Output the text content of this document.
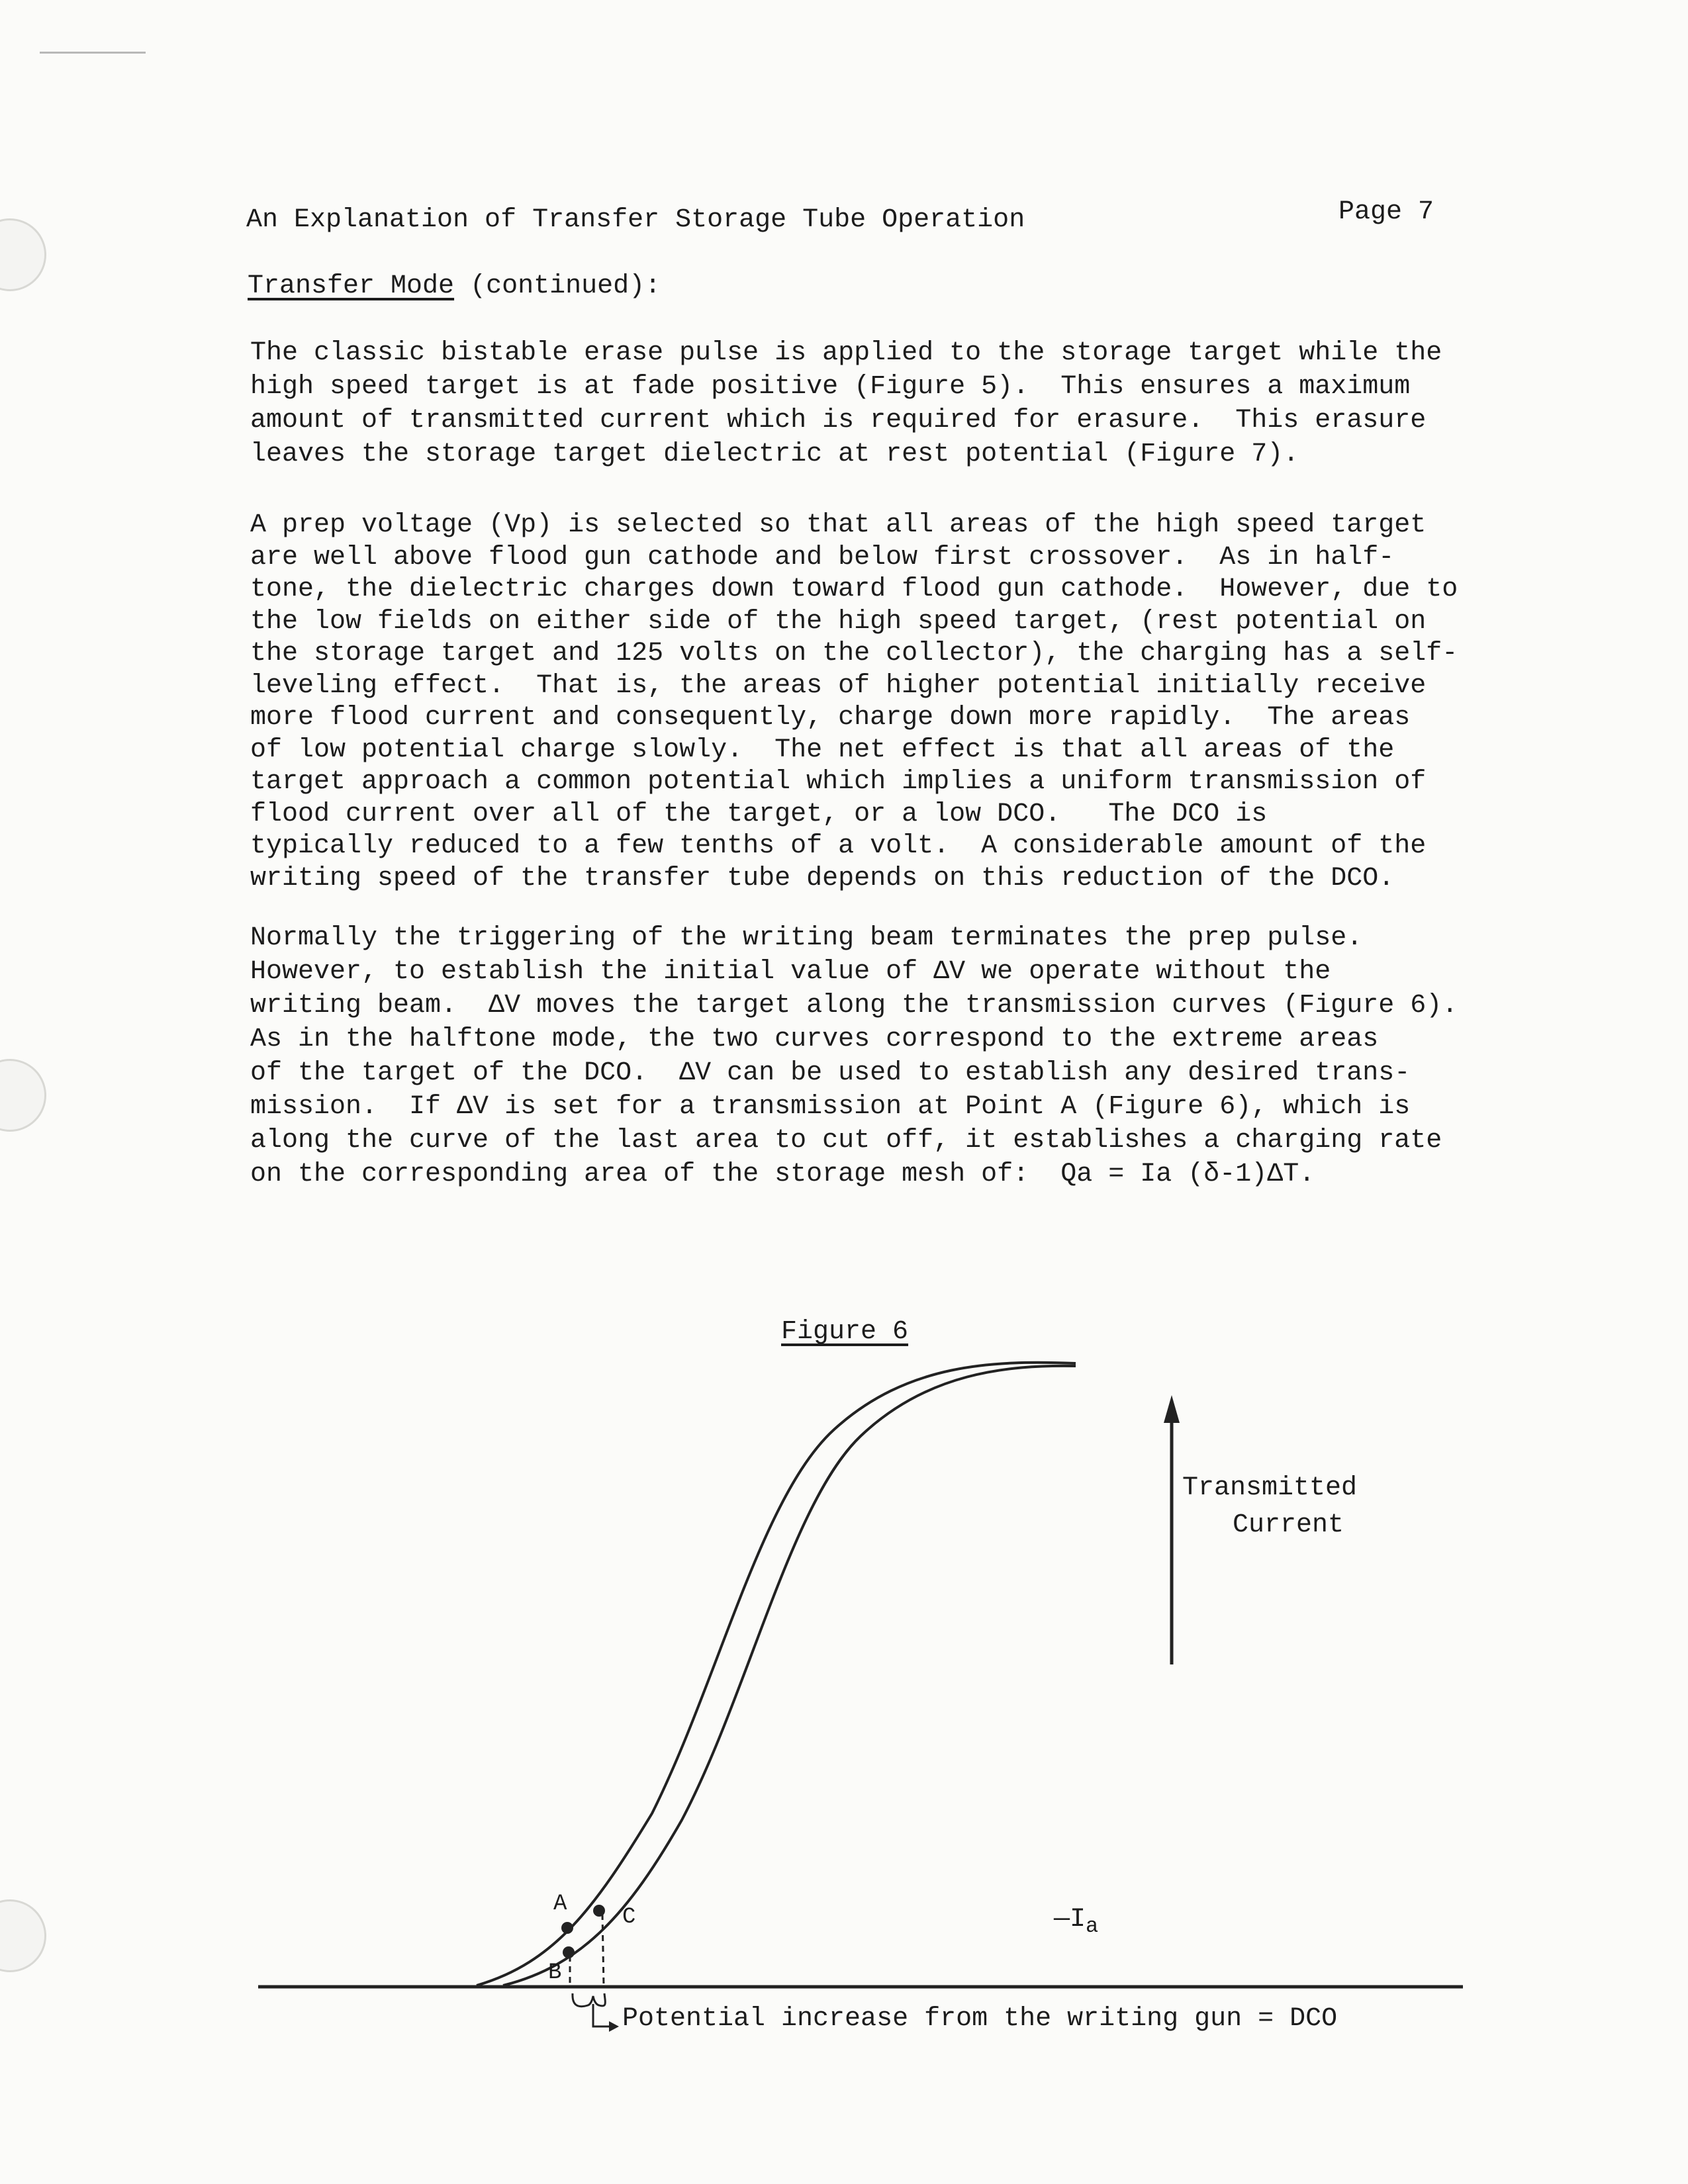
An Explanation of Transfer Storage Tube Operation	Page 7
Transfer Mode (continued):

The classic bistable erase pulse is applied to the storage target while the
high speed target is at fade positive (Figure 5).  This ensures a maximum
amount of transmitted current which is required for erasure.  This erasure
leaves the storage target dielectric at rest potential (Figure 7).

A prep voltage (Vp) is selected so that all areas of the high speed target
are well above flood gun cathode and below first crossover.  As in half-
tone, the dielectric charges down toward flood gun cathode.  However, due to
the low fields on either side of the high speed target, (rest potential on
the storage target and 125 volts on the collector), the charging has a self-
leveling effect.  That is, the areas of higher potential initially receive
more flood current and consequently, charge down more rapidly.  The areas
of low potential charge slowly.  The net effect is that all areas of the
target approach a common potential which implies a uniform transmission of
flood current over all of the target, or a low DCO.   The DCO is
typically reduced to a few tenths of a volt.  A considerable amount of the
writing speed of the transfer tube depends on this reduction of the DCO.

Normally the triggering of the writing beam terminates the prep pulse.
However, to establish the initial value of ΔV we operate without the
writing beam.  ΔV moves the target along the transmission curves (Figure 6).
As in the halftone mode, the two curves correspond to the extreme areas
of the target of the DCO.  ΔV can be used to establish any desired trans-
mission.  If ΔV is set for a transmission at Point A (Figure 6), which is
along the curve of the last area to cut off, it establishes a charging rate
on the corresponding area of the storage mesh of:  Qa = Ia (δ-1)ΔT.

Figure 6
Transmitted
Current
A
B
C	$—I_a$
Potential increase from the writing gun = DCO
